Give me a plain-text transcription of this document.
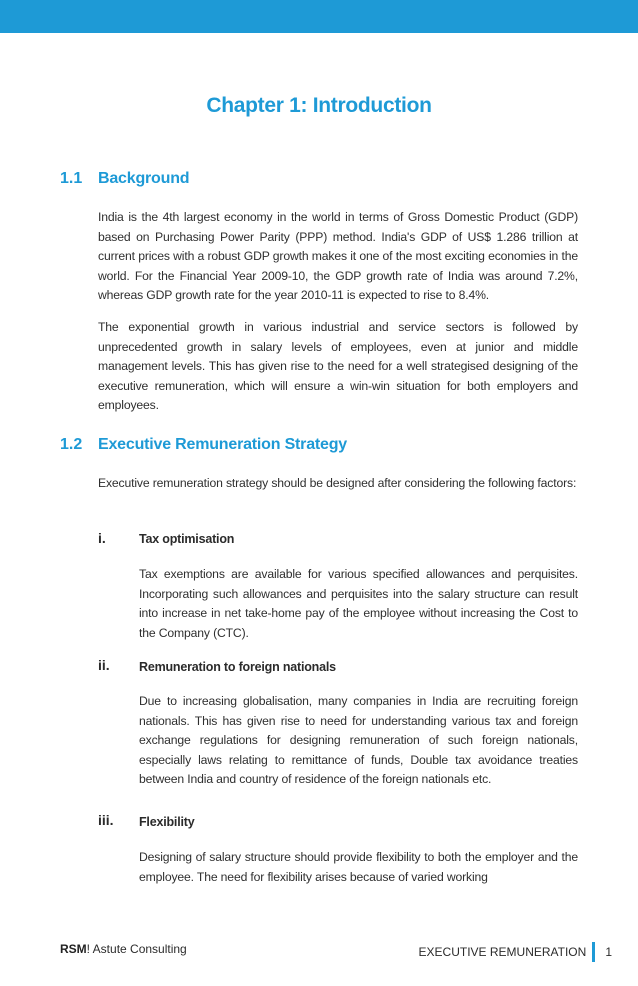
Chapter 1: Introduction
1.1 Background

India is the 4th largest economy in the world in terms of Gross Domestic Product (GDP) based on Purchasing Power Parity (PPP) method. India's GDP of US$ 1.286 trillion at current prices with a robust GDP growth makes it one of the most exciting economies in the world. For the Financial Year 2009-10, the GDP growth rate of India was around 7.2%, whereas GDP growth rate for the year 2010-11 is expected to rise to 8.4%.

The exponential growth in various industrial and service sectors is followed by unprecedented growth in salary levels of employees, even at junior and middle management levels. This has given rise to the need for a well strategised designing of the executive remuneration, which will ensure a win-win situation for both employers and employees.

1.2 Executive Remuneration Strategy

Executive remuneration strategy should be designed after considering the following factors:

i.	Tax optimisation

Tax exemptions are available for various specified allowances and perquisites. Incorporating such allowances and perquisites into the salary structure can result into increase in net take-home pay of the employee without increasing the Cost to the Company (CTC).

ii. Remuneration to foreign nationals

Due to increasing globalisation, many companies in India are recruiting foreign nationals. This has given rise to need for understanding various tax and foreign exchange regulations for designing remuneration of such foreign nationals, especially laws relating to remittance of funds, Double tax avoidance treaties between India and country of residence of the foreign nationals etc.

iii. Flexibility

Designing of salary structure should provide flexibility to both the employer and the employee. The need for flexibility arises because of varied working

RSM! Astute Consulting	EXECUTIVE REMUNERATION 1
